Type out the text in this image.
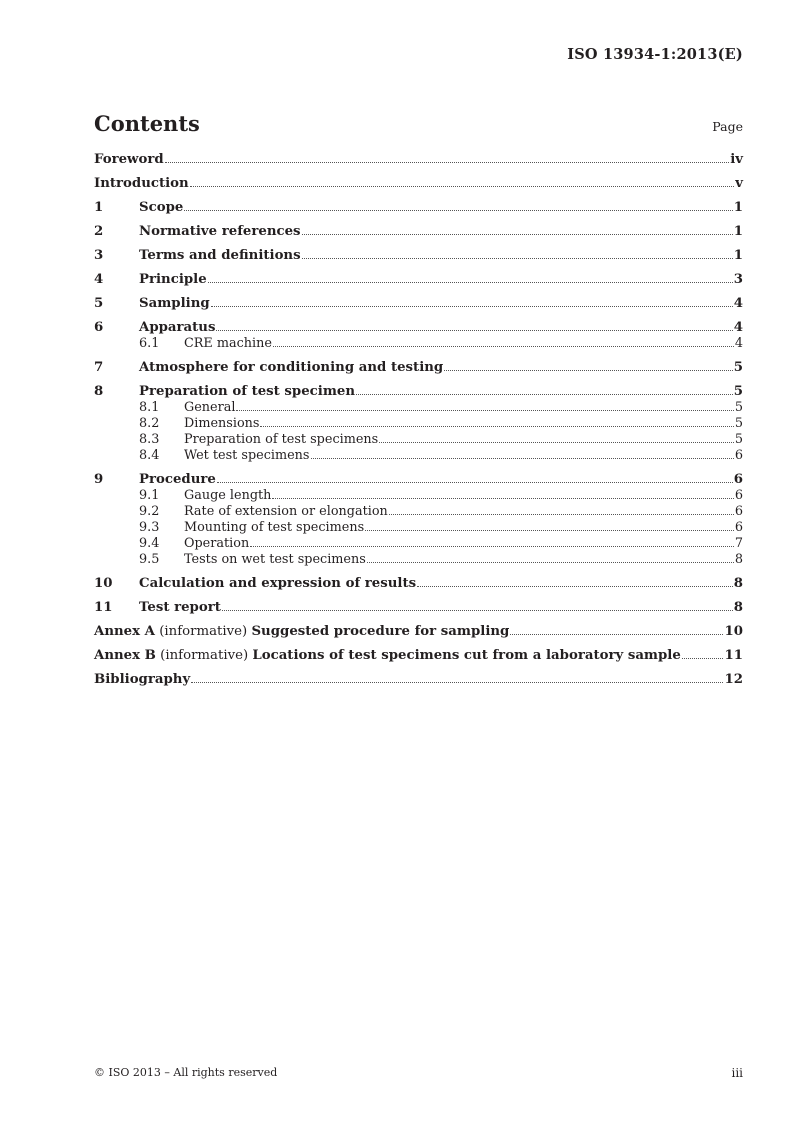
ISO 13934-1:2013(E)
Contents	Page
Foreword	iv
Introduction	v
1	Scope	1
2	Normative references	1
3	Terms and definitions	1
4	Principle	3
5	Sampling	4
6	Apparatus	4
6.1	CRE machine	4
7	Atmosphere for conditioning and testing	5
8	Preparation of test specimen	5
8.1	General	5
8.2	Dimensions	5
8.3	Preparation of test specimens	5
8.4	Wet test specimens	6
9	Procedure	6
9.1	Gauge length	6
9.2	Rate of extension or elongation	6
9.3	Mounting of test specimens	6
9.4	Operation	7
9.5	Tests on wet test specimens	8
10	Calculation and expression of results	8
11	Test report	8
Annex A (informative) Suggested procedure for sampling	10
Annex B (informative) Locations of test specimens cut from a laboratory sample	11
Bibliography	12
© ISO 2013 – All rights reserved	iii
